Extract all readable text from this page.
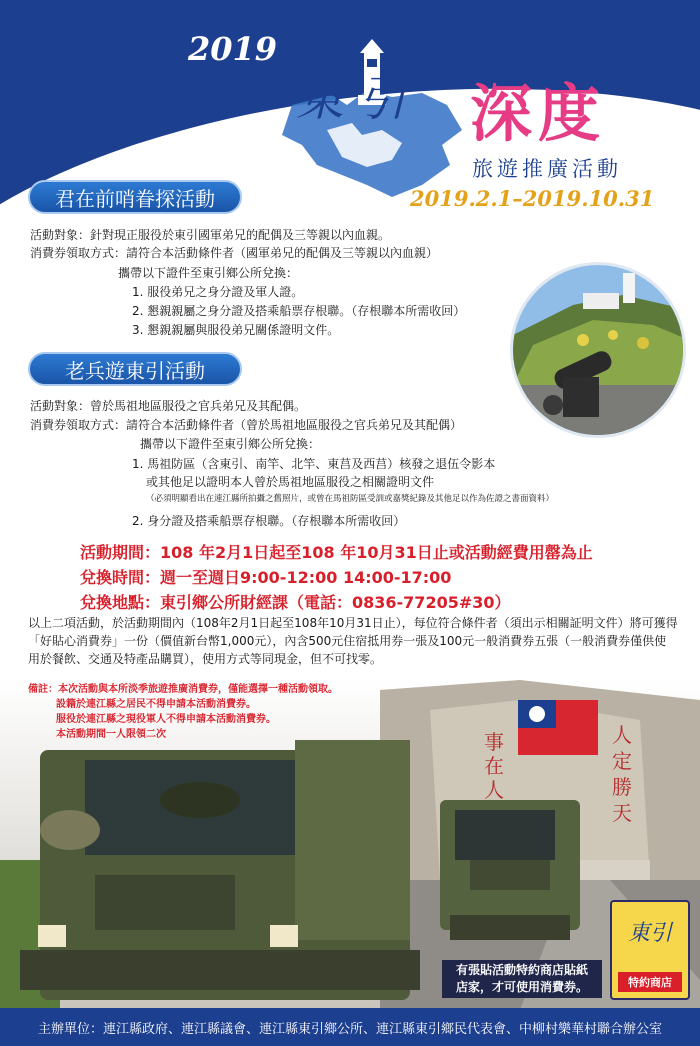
2019
東引 深度
旅遊推廣活動
2019.2.1–2019.10.31
君在前哨眷探活動
活動對象：針對現正服役於東引國軍弟兄的配偶及三等親以內血親。
消費券領取方式：請符合本活動條件者（國軍弟兄的配偶及三等親以內血親）
攜帶以下證件至東引鄉公所兌換：
1. 服役弟兄之身分證及軍人證。
2. 懇親親屬之身分證及搭乘船票存根聯。（存根聯本所需收回）
3. 懇親親屬與服役弟兄關係證明文件。
老兵遊東引活動
活動對象：曾於馬祖地區服役之官兵弟兄及其配偶。
消費券領取方式：請符合本活動條件者（曾於馬祖地區服役之官兵弟兄及其配偶）
攜帶以下證件至東引鄉公所兌換：
1. 馬祖防區（含東引、南竿、北竿、東莒及西莒）核發之退伍令影本
或其他足以證明本人曾於馬祖地區服役之相關證明文件
（必須明顯看出在連江縣所拍攝之舊照片，或曾在馬祖防區受訓或嘉獎紀錄及其他足以作為佐證之書面資料）
2. 身分證及搭乘船票存根聯。（存根聯本所需收回）
活動期間：108 年2月1日起至108 年10月31日止或活動經費用罄為止
兌換時間：週一至週日9:00-12:00 14:00-17:00
兌換地點：東引鄉公所財經課（電話：0836-77205#30）
以上二項活動，於活動期間內（108年2月1日起至108年10月31日止），每位符合條件者（須出示相關証明文件）將可獲得「好貼心消費券」一份（價值新台幣1,000元），內含500元住宿抵用券一張及100元一般消費券五張（一般消費券僅供使用於餐飲、交通及特產品購買），使用方式等同現金，但不可找零。
事在人
人定勝天
備註：本次活動與本所淡季旅遊推廣消費券，僅能選擇一種活動領取。
設籍於連江縣之居民不得申請本活動消費券。
服役於連江縣之現役軍人不得申請本活動消費券。
本活動期間一人限領二次
有張貼活動特約商店貼紙
店家，才可使用消費券。
東引
特約商店
主辦單位：連江縣政府、連江縣議會、連江縣東引鄉公所、連江縣東引鄉民代表會、中柳村樂華村聯合辦公室
